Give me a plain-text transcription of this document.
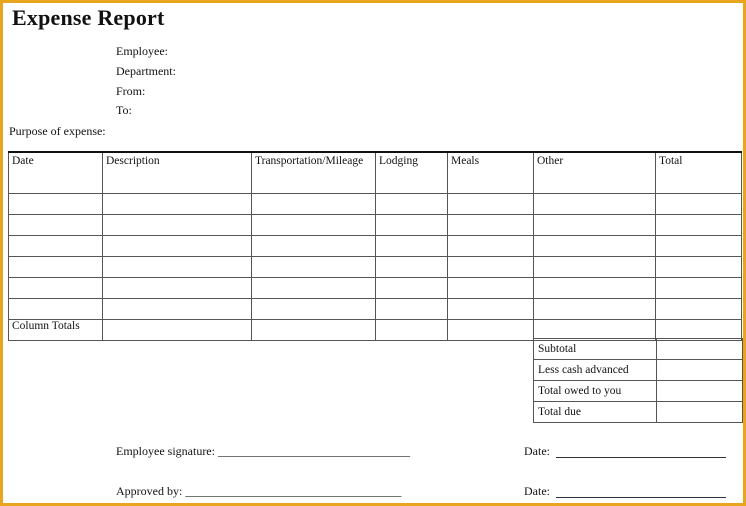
Expense Report
Employee:
Department:
From:
To:
Purpose of expense:
Date	Description	Transportation/Mileage	Lodging	Meals	Other	Total

Column Totals						
Subtotal	
Less cash advanced	
Total owed to you	
Total due	
Employee signature: ________________________________	Date:
Approved by: ____________________________________	Date:
